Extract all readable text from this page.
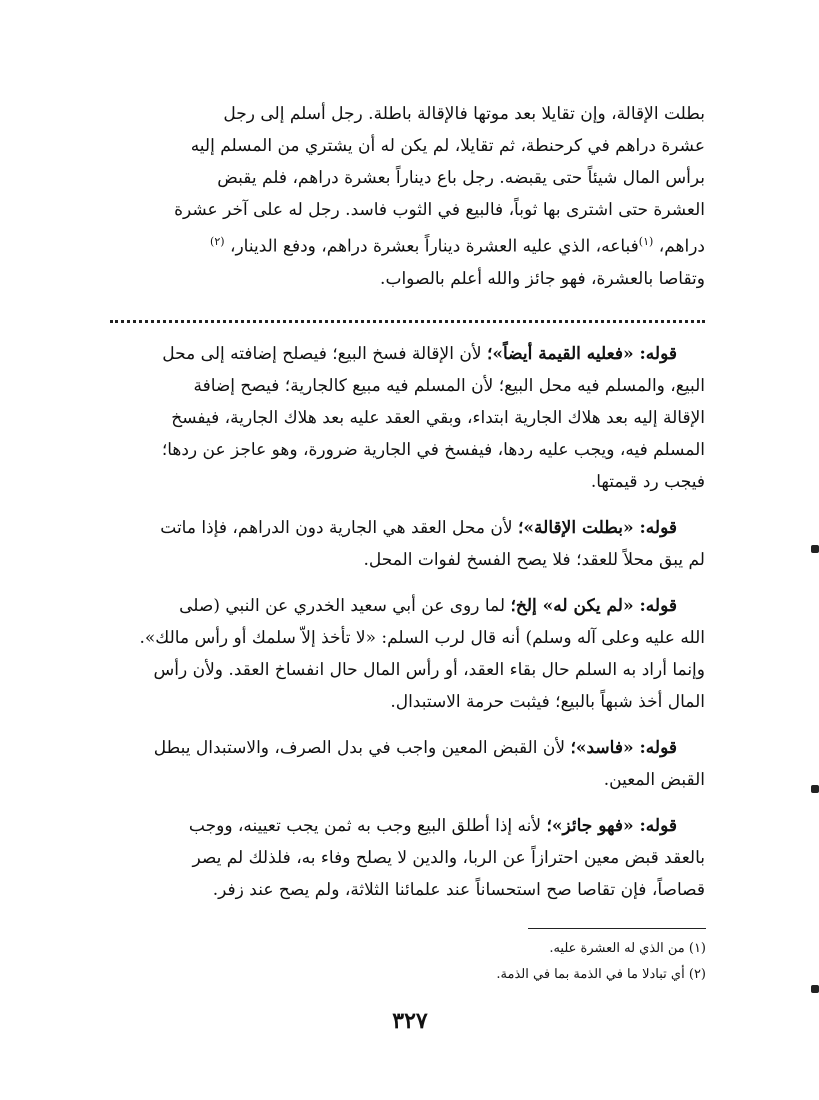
بطلت الإقالة، وإن تقايلا بعد موتها فالإقالة باطلة. رجل أسلم إلى رجل
عشرة دراهم في كرحنطة، ثم تقايلا، لم يكن له أن يشتري من المسلم إليه
برأس المال شيئاً حتى يقبضه. رجل باع ديناراً بعشرة دراهم، فلم يقبض
العشرة حتى اشترى بها ثوباً، فالبيع في الثوب فاسد. رجل له على آخر عشرة
دراهم، $^{(١)}$فباعه، الذي عليه العشرة ديناراً بعشرة دراهم، ودفع الدينار، $^{(٢)}$
وتقاصا بالعشرة، فهو جائز والله أعلم بالصواب.
قوله: «فعليه القيمة أيضاً»؛ لأن الإقالة فسخ البيع؛ فيصلح إضافته إلى محل
البيع، والمسلم فيه محل البيع؛ لأن المسلم فيه مبيع كالجارية؛ فيصح إضافة
الإقالة إليه بعد هلاك الجارية ابتداء، وبقي العقد عليه بعد هلاك الجارية، فيفسخ
المسلم فيه، ويجب عليه ردها، فيفسخ في الجارية ضرورة، وهو عاجز عن ردها؛
فيجب رد قيمتها.
قوله: «بطلت الإقالة»؛ لأن محل العقد هي الجارية دون الدراهم، فإذا ماتت
لم يبق محلاً للعقد؛ فلا يصح الفسخ لفوات المحل.
قوله: «لم يكن له» إلخ؛ لما روى عن أبي سعيد الخدري عن النبي (صلى
الله عليه وعلى آله وسلم) أنه قال لرب السلم: «لا تأخذ إلاّ سلمك أو رأس مالك».
وإنما أراد به السلم حال بقاء العقد، أو رأس المال حال انفساخ العقد. ولأن رأس
المال أخذ شبهاً بالبيع؛ فيثبت حرمة الاستبدال.
قوله: «فاسد»؛ لأن القبض المعين واجب في بدل الصرف، والاستبدال يبطل
القبض المعين.
قوله: «فهو جائز»؛ لأنه إذا أطلق البيع وجب به ثمن يجب تعيينه، ووجب
بالعقد قبض معين احترازاً عن الربا، والدين لا يصلح وفاء به، فلذلك لم يصر
قصاصاً، فإن تقاصا صح استحساناً عند علمائنا الثلاثة، ولم يصح عند زفر.
(١) من الذي له العشرة عليه.
(٢) أي تبادلا ما في الذمة بما في الذمة.
٣٢٧
